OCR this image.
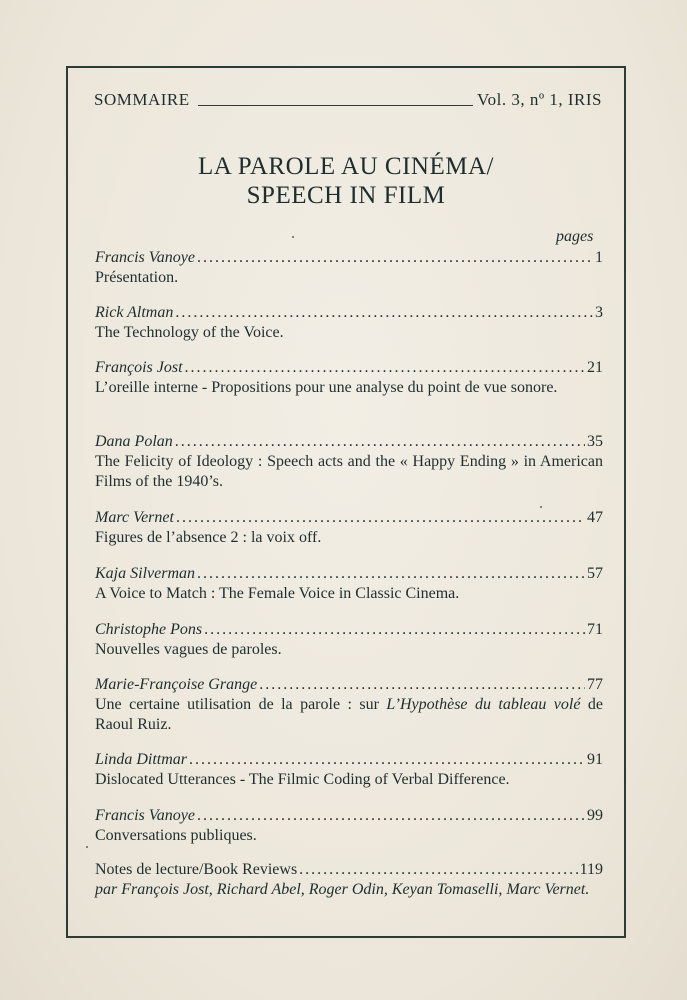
SOMMAIRE	Vol. 3, nº 1, IRIS
LA PAROLE AU CINÉMA/
SPEECH IN FILM
pages
Francis Vanoye .....	1
Présentation.
Rick Altman .....	3
The Technology of the Voice.
François Jost .....	21
L’oreille interne - Propositions pour une analyse du point de vue sonore.
Dana Polan .....	35
The Felicity of Ideology : Speech acts and the « Happy Ending » in American Films of the 1940’s.
Marc Vernet .....	47
Figures de l’absence 2 : la voix off.
Kaja Silverman .....	57
A Voice to Match : The Female Voice in Classic Cinema.
Christophe Pons .....	71
Nouvelles vagues de paroles.
Marie-Françoise Grange .....	77
Une certaine utilisation de la parole : sur L’Hypothèse du tableau volé de Raoul Ruiz.
Linda Dittmar .....	91
Dislocated Utterances - The Filmic Coding of Verbal Difference.
Francis Vanoye .....	99
Conversations publiques.
Notes de lecture/Book Reviews .....	119
par François Jost, Richard Abel, Roger Odin, Keyan Tomaselli, Marc Vernet.
